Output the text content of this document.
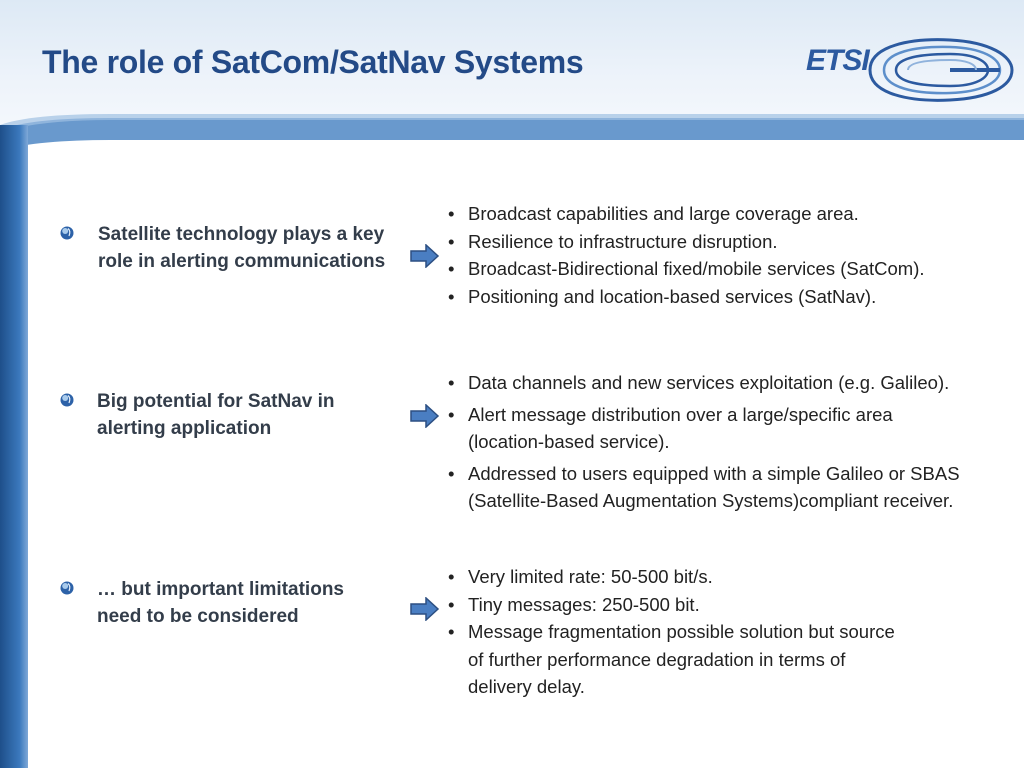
The role of SatCom/SatNav Systems	ETSI
Satellite technology plays a key role in alerting communications
• Broadcast capabilities and large coverage area.
• Resilience to infrastructure disruption.
• Broadcast-Bidirectional fixed/mobile services (SatCom).
• Positioning and location-based services (SatNav).
Big potential for SatNav in alerting application
• Data channels and new services exploitation (e.g. Galileo).
• Alert message distribution over a large/specific area (location-based service).
• Addressed to users equipped with a simple Galileo or SBAS (Satellite-Based Augmentation Systems)compliant receiver.
… but important limitations need to be considered
• Very limited rate: 50-500 bit/s.
• Tiny messages: 250-500 bit.
• Message fragmentation possible solution but source of further performance degradation in terms of delivery delay.
